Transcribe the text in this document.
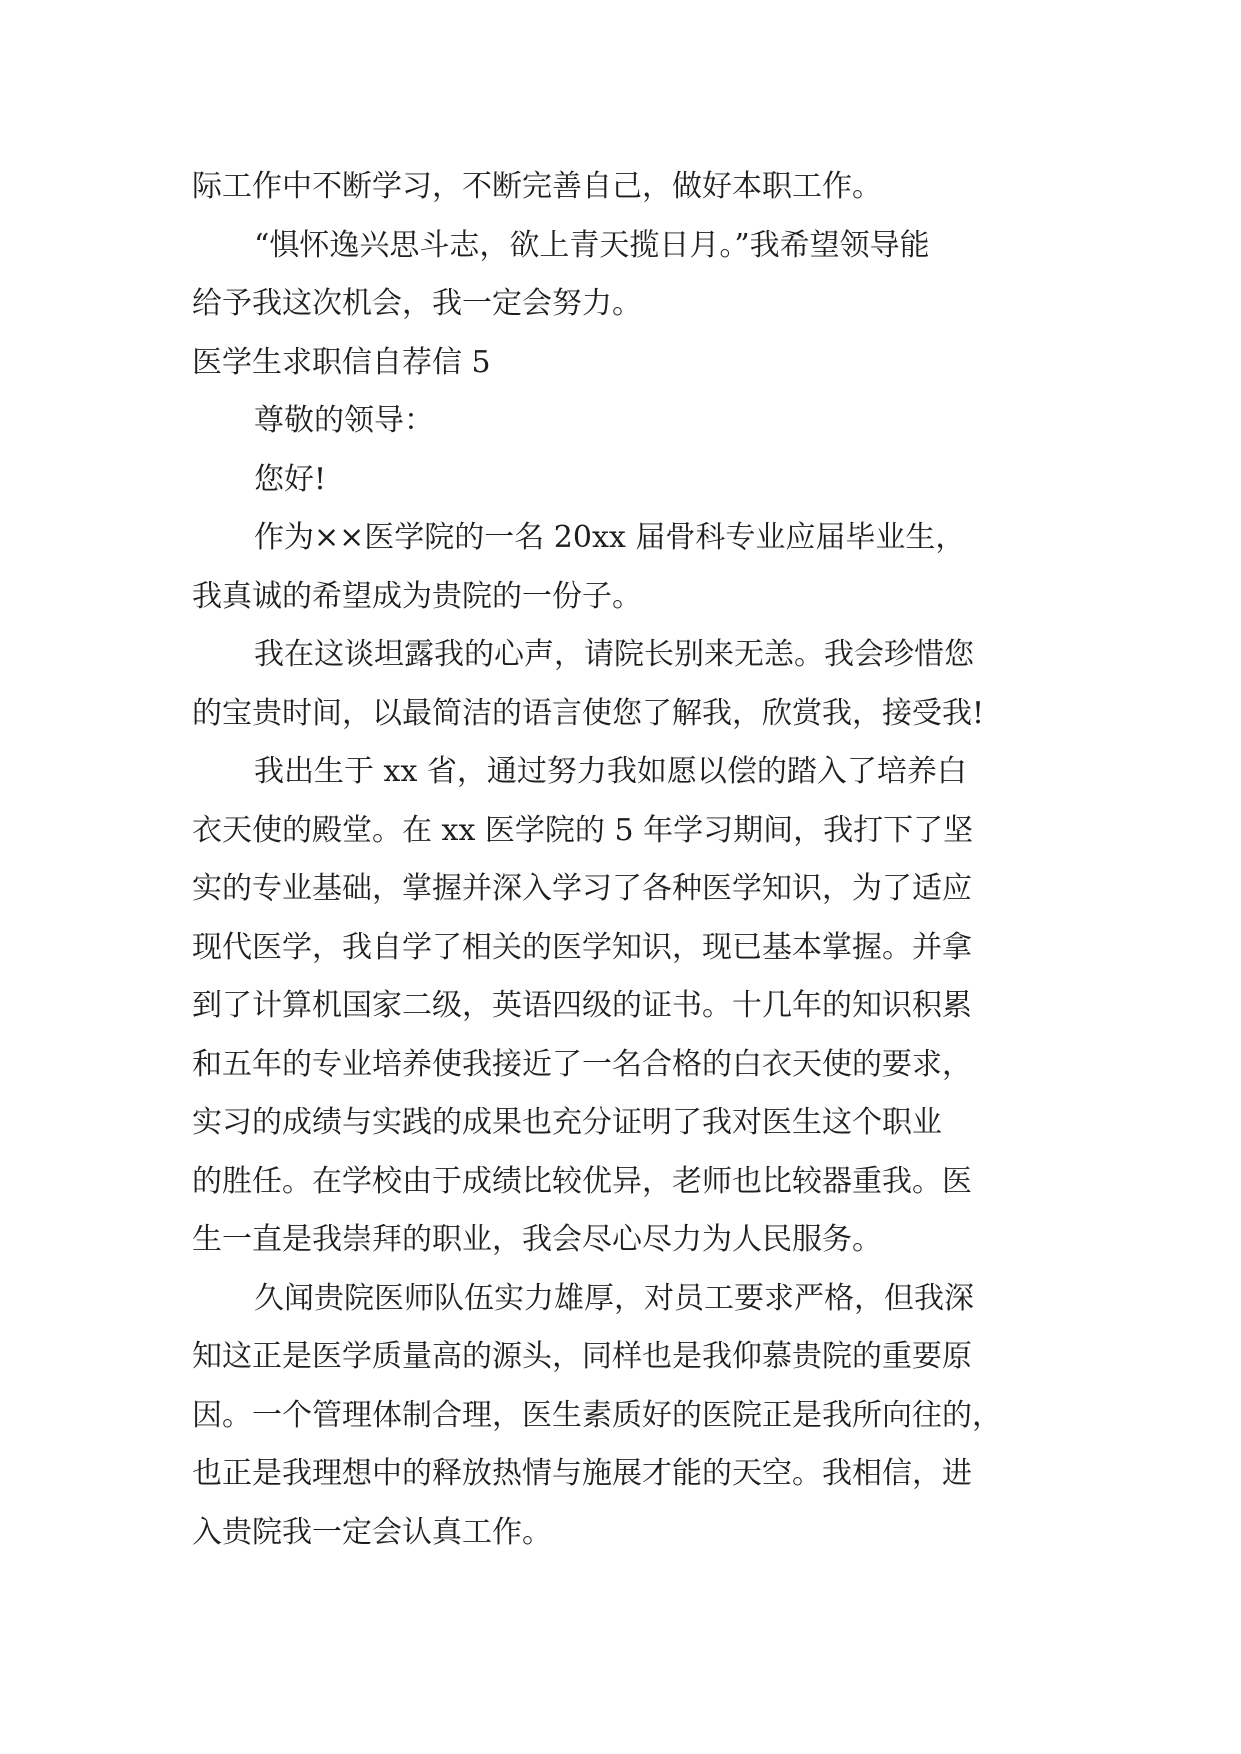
际工作中不断学习，不断完善自己，做好本职工作。
“惧怀逸兴思斗志，欲上青天揽日月。”我希望领导能
给予我这次机会，我一定会努力。
医学生求职信自荐信 5
尊敬的领导：
您好!
作为××医学院的一名 20xx 届骨科专业应届毕业生，
我真诚的希望成为贵院的一份子。
我在这谈坦露我的心声，请院长别来无恙。我会珍惜您
的宝贵时间，以最简洁的语言使您了解我，欣赏我，接受我!
我出生于 xx 省，通过努力我如愿以偿的踏入了培养白
衣天使的殿堂。在 xx 医学院的 5 年学习期间，我打下了坚
实的专业基础，掌握并深入学习了各种医学知识，为了适应
现代医学，我自学了相关的医学知识，现已基本掌握。并拿
到了计算机国家二级，英语四级的证书。十几年的知识积累
和五年的专业培养使我接近了一名合格的白衣天使的要求，
实习的成绩与实践的成果也充分证明了我对医生这个职业
的胜任。在学校由于成绩比较优异，老师也比较器重我。医
生一直是我崇拜的职业，我会尽心尽力为人民服务。
久闻贵院医师队伍实力雄厚，对员工要求严格，但我深
知这正是医学质量高的源头，同样也是我仰慕贵院的重要原
因。一个管理体制合理，医生素质好的医院正是我所向往的，
也正是我理想中的释放热情与施展才能的天空。我相信，进
入贵院我一定会认真工作。
